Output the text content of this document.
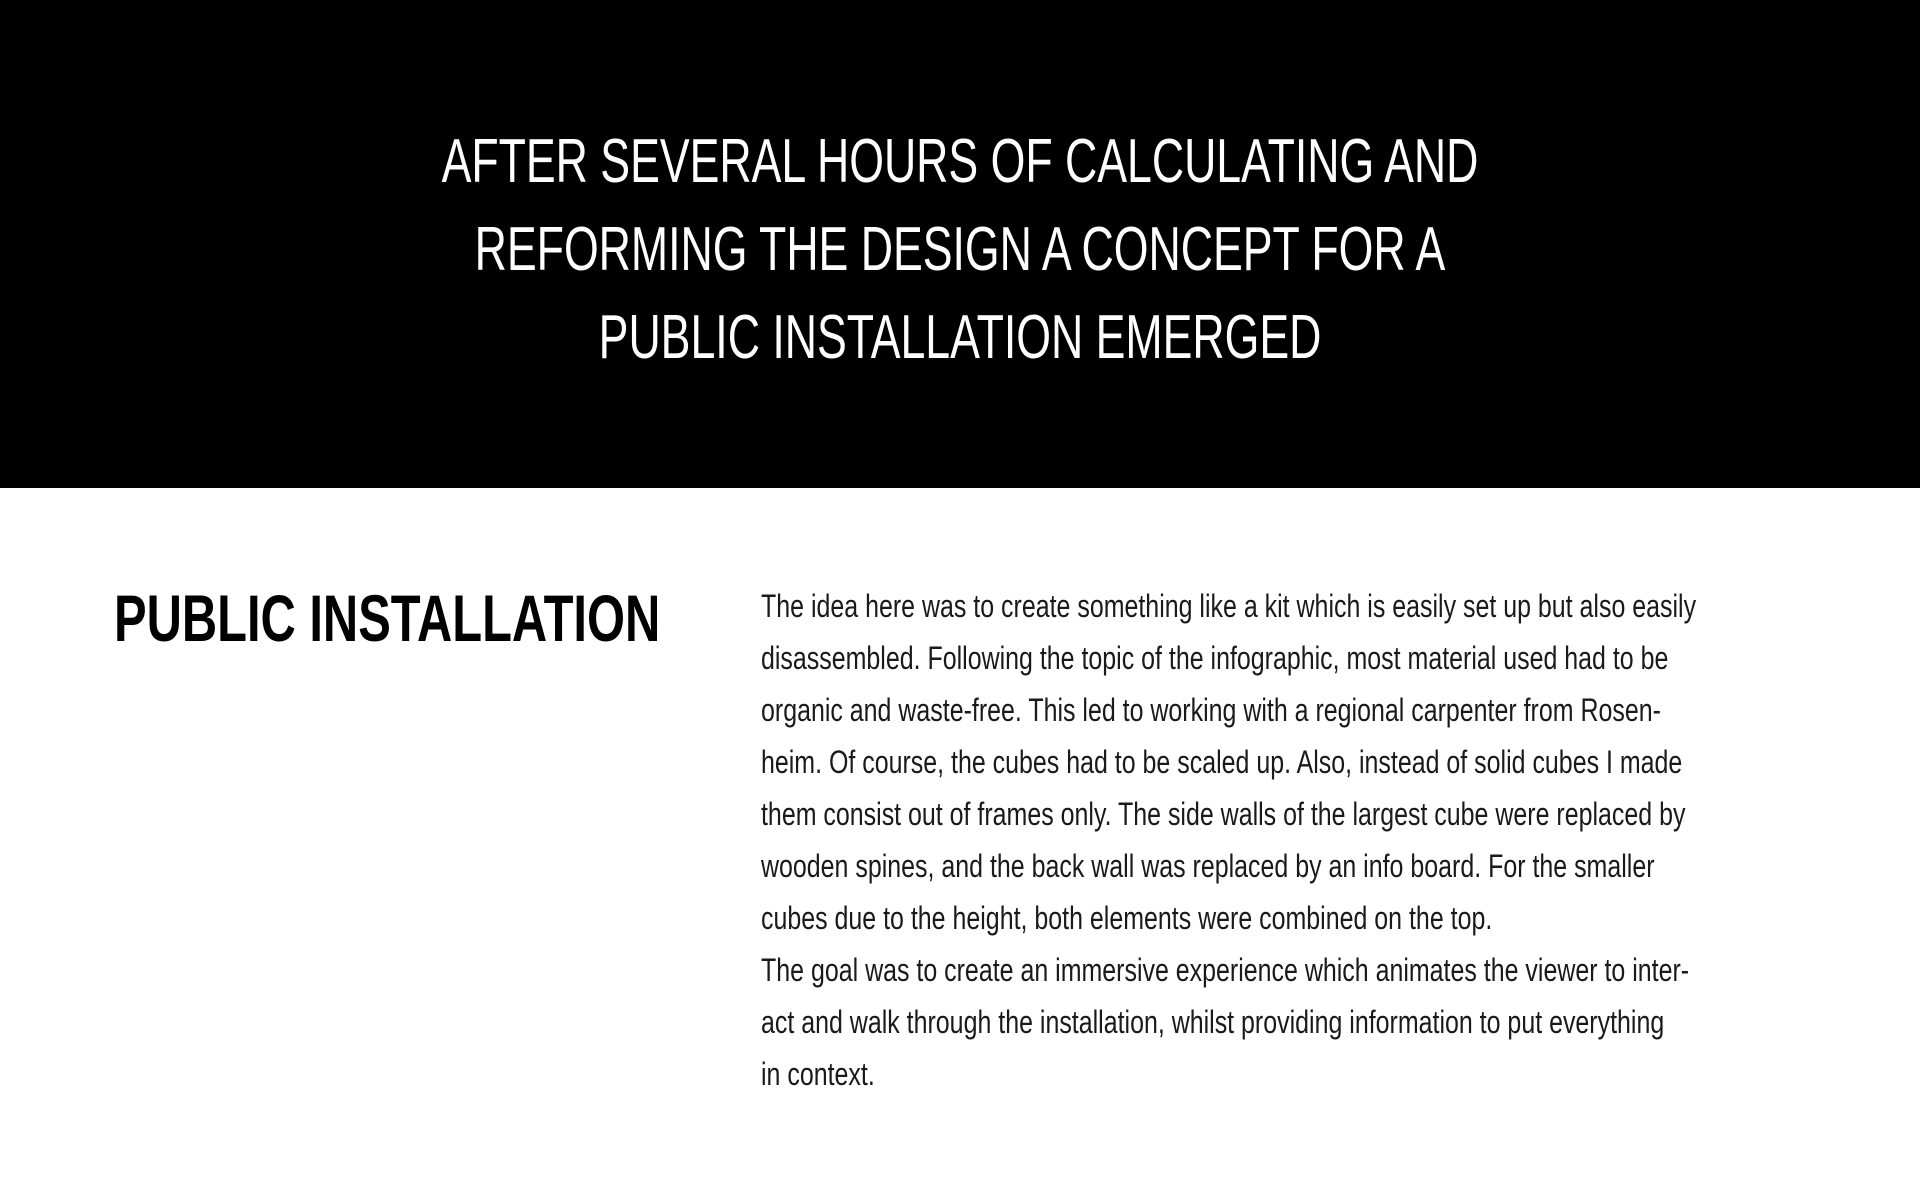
AFTER SEVERAL HOURS OF CALCULATING AND
REFORMING THE DESIGN A CONCEPT FOR A
PUBLIC INSTALLATION EMERGED
PUBLIC INSTALLATION	The idea here was to create something like a kit which is easily set up but also easily
disassembled. Following the topic of the infographic, most material used had to be
organic and waste-free. This led to working with a regional carpenter from Rosen-
heim. Of course, the cubes had to be scaled up. Also, instead of solid cubes I made
them consist out of frames only. The side walls of the largest cube were replaced by
wooden spines, and the back wall was replaced by an info board. For the smaller
cubes due to the height, both elements were combined on the top.
The goal was to create an immersive experience which animates the viewer to inter-
act and walk through the installation, whilst providing information to put everything
in context.
